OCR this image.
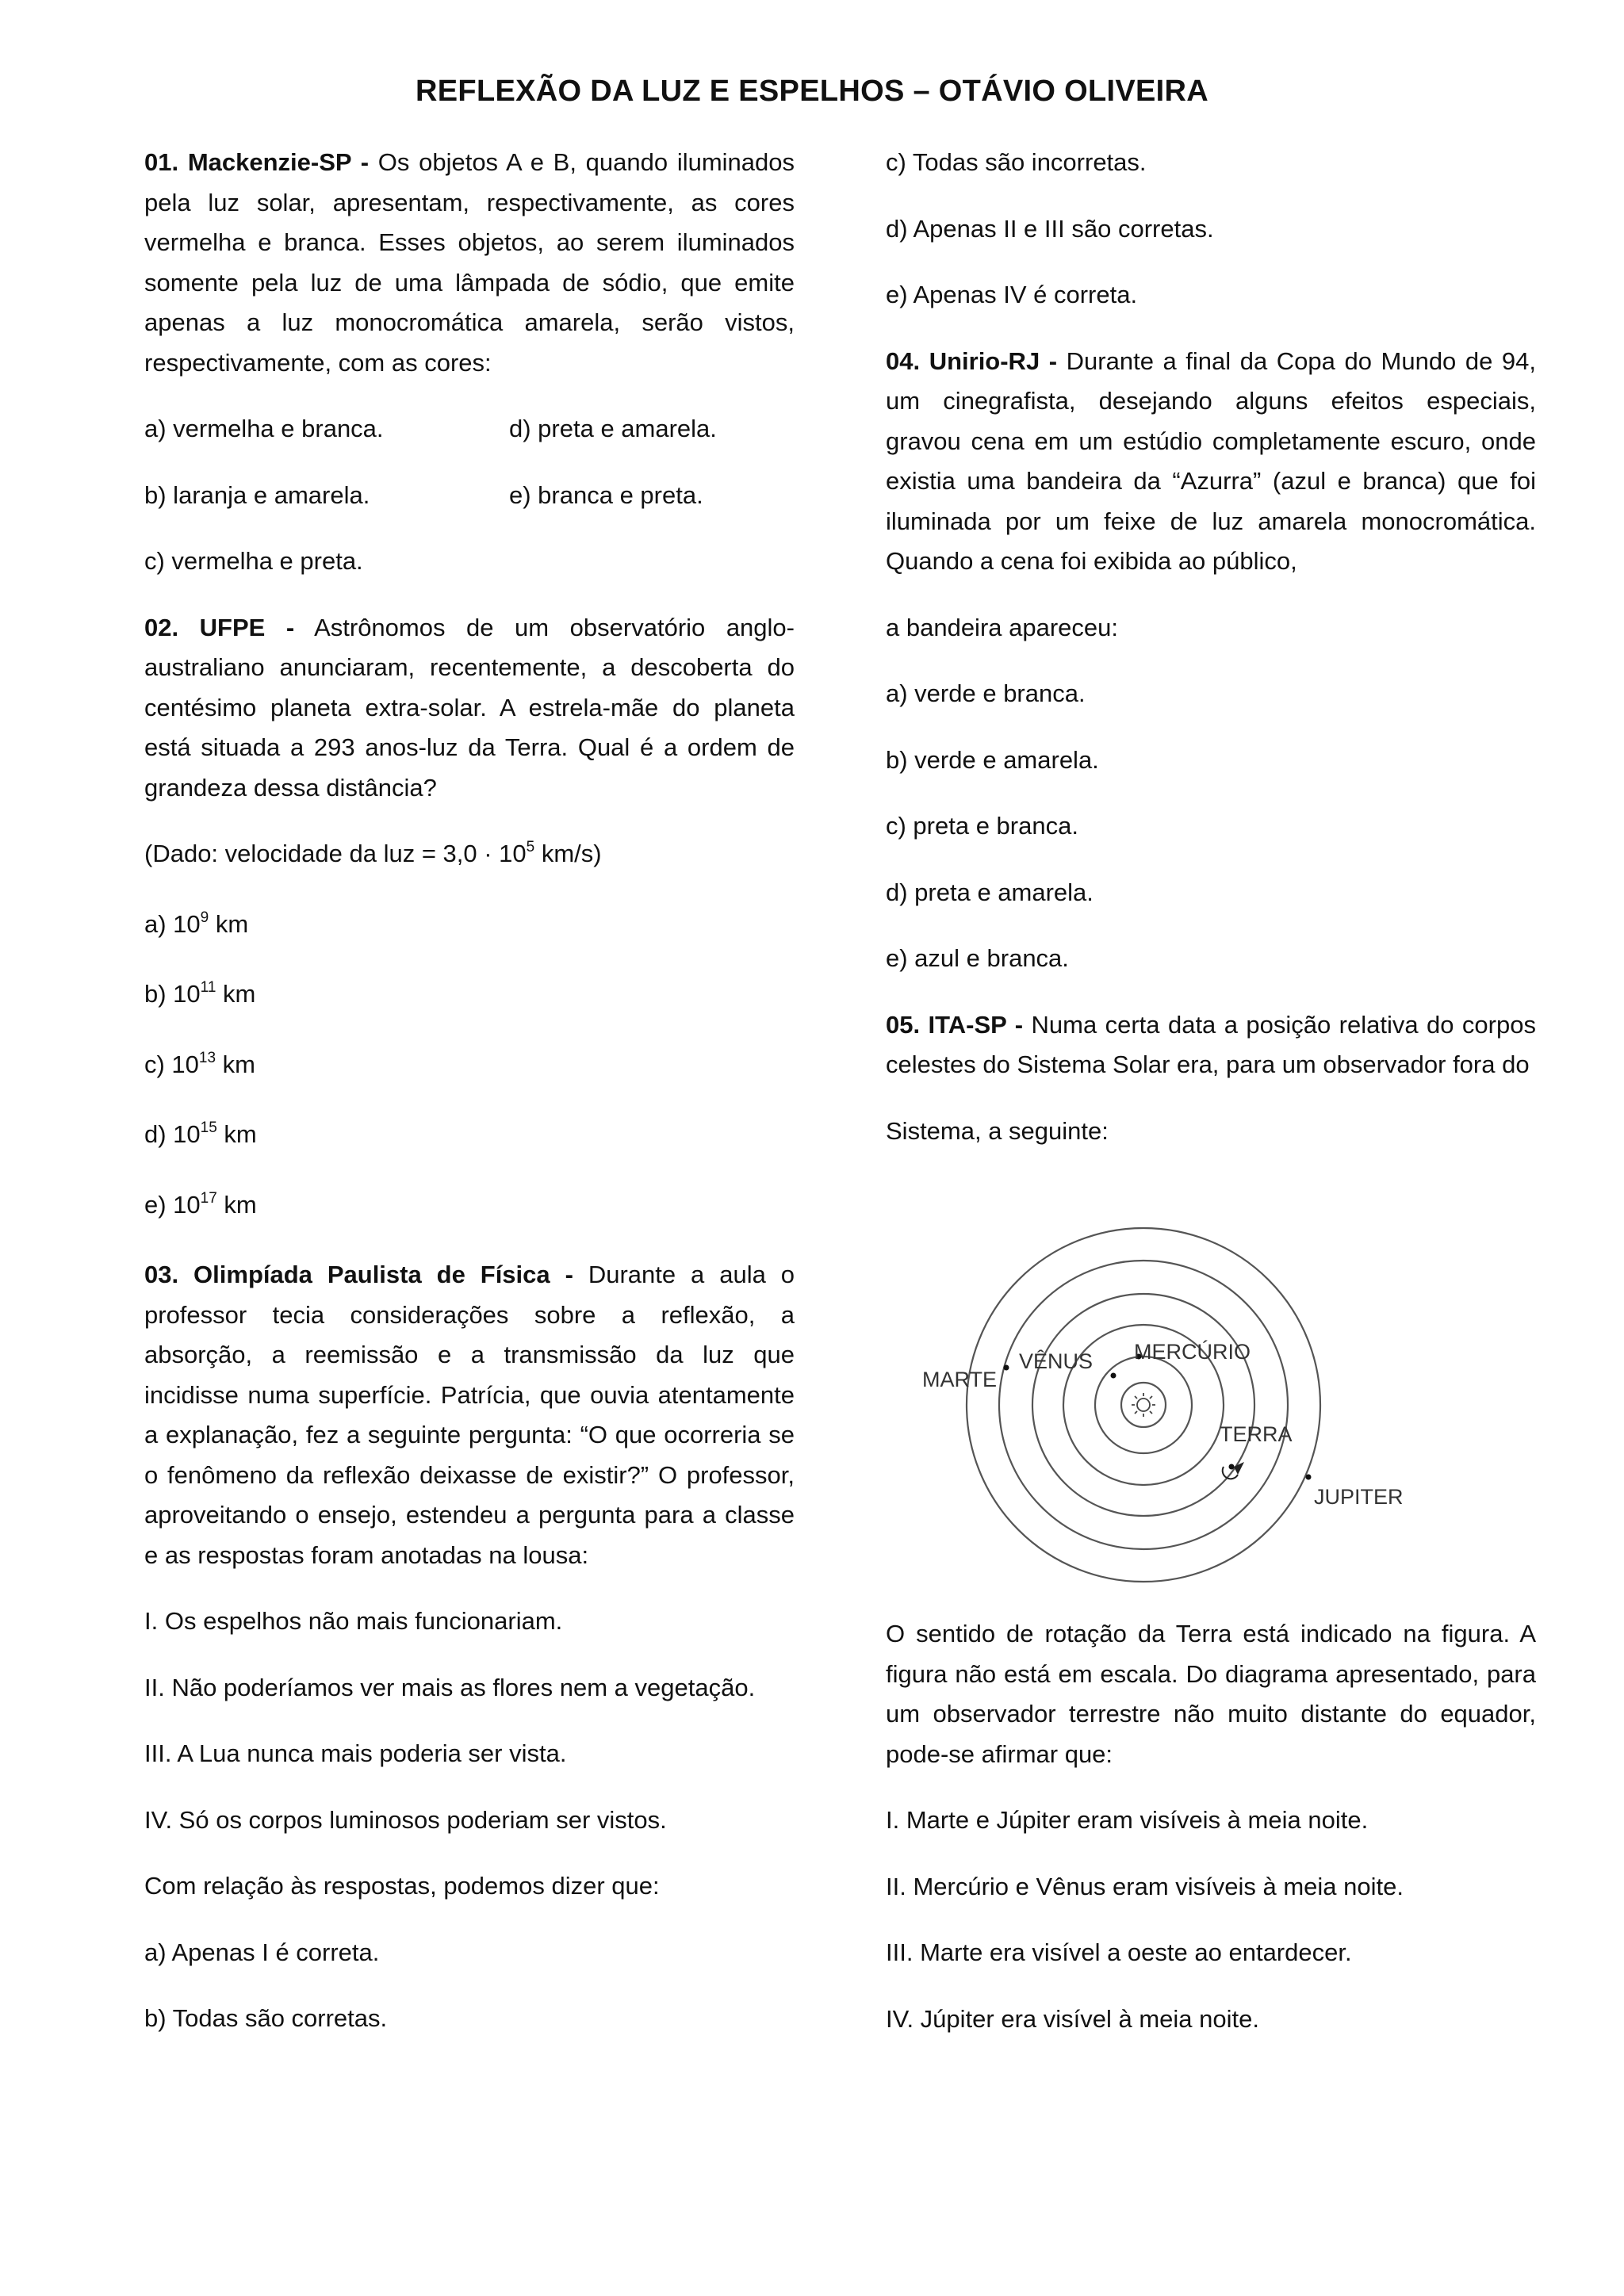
REFLEXÃO DA LUZ E ESPELHOS – OTÁVIO OLIVEIRA

01. Mackenzie-SP - Os objetos A e B, quando iluminados pela luz solar, apresentam, respectivamente, as cores vermelha e branca. Esses objetos, ao serem iluminados somente pela luz de uma lâmpada de sódio, que emite apenas a luz monocromática amarela, serão vistos, respectivamente, com as cores:

a) vermelha e branca.	d) preta e amarela.
b) laranja e amarela.	e) branca e preta.

c) vermelha e preta.

02. UFPE - Astrônomos de um observatório anglo-australiano anunciaram, recentemente, a descoberta do centésimo planeta extra-solar. A estrela-mãe do planeta está situada a 293 anos-luz da Terra. Qual é a ordem de grandeza dessa distância?

(Dado: velocidade da luz = $3,0 \cdot 10^5$ km/s)

a) $10^9$ km

b) $10^{11}$ km

c) $10^{13}$ km

d) $10^{15}$ km

e) $10^{17}$ km

03. Olimpíada Paulista de Física - Durante a aula o professor tecia considerações sobre a reflexão, a absorção, a reemissão e a transmissão da luz que incidisse numa superfície. Patrícia, que ouvia atentamente a explanação, fez a seguinte pergunta: “O que ocorreria se o fenômeno da reflexão deixasse de existir?” O professor, aproveitando o ensejo, estendeu a pergunta para a classe e as respostas foram anotadas na lousa:

I. Os espelhos não mais funcionariam.

II. Não poderíamos ver mais as flores nem a vegetação.

III. A Lua nunca mais poderia ser vista.

IV. Só os corpos luminosos poderiam ser vistos.

Com relação às respostas, podemos dizer que:

a) Apenas I é correta.

b) Todas são corretas.

c) Todas são incorretas.

d) Apenas II e III são corretas.

e) Apenas IV é correta.

04. Unirio-RJ - Durante a final da Copa do Mundo de 94, um cinegrafista, desejando alguns efeitos especiais, gravou cena em um estúdio completamente escuro, onde existia uma bandeira da “Azurra” (azul e branca) que foi iluminada por um feixe de luz amarela monocromática. Quando a cena foi exibida ao público,

a bandeira apareceu:

a) verde e branca.

b) verde e amarela.

c) preta e branca.

d) preta e amarela.

e) azul e branca.

05. ITA-SP - Numa certa data a posição relativa do corpos celestes do Sistema Solar era, para um observador fora do

Sistema, a seguinte:

VÊNUS MERCÚRIO
MARTE
TERRA
JUPITER

O sentido de rotação da Terra está indicado na figura. A figura não está em escala. Do diagrama apresentado, para um observador terrestre não muito distante do equador, pode-se afirmar que:

I. Marte e Júpiter eram visíveis à meia noite.

II. Mercúrio e Vênus eram visíveis à meia noite.

III. Marte era visível a oeste ao entardecer.

IV. Júpiter era visível à meia noite.
